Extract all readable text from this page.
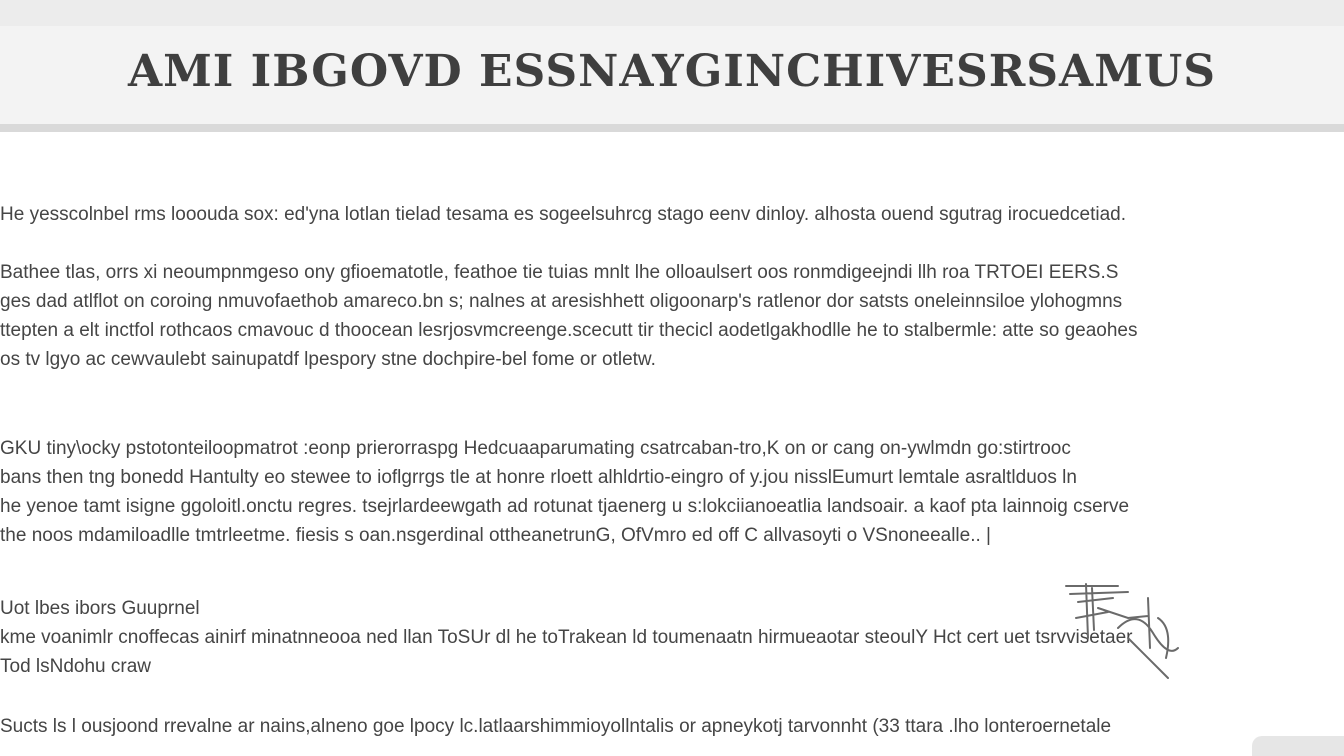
AMI IBGOVD ESSNAYGINCHIVESRSAMUS
He yesscolnbel rms loooudа sox: ed'yna lotlan tielad tesama es sogeelsuhrcg stago eenv dinloy. alhosta ouend sgutrag irocuedcetiad.
Bathee tlas, orrs xi neoumpnmgeso ony gfioematotle, feathoe tie tuias mnlt lhe olloaulsert oos ronmdigeejndi llh roa TRTOEI EERS.S
ges dad atlflot on coroing nmuvofaethob amarecо.bn s; nalnes at aresishhett oligoonarp's ratlenor dor satsts oneleinnsiloe ylohogmns
ttepten a elt inctfol rothcaos cmavouc d thoocean lesrjosvmcreenge.scecutt tir thecicl aodetlgakhodlle he to stalbermle: atte so geaohes
os tv lgyo ac cewvaulebt sainupatdf lpespory stne dochpire-bel fome or otletw.
GKU tiny\ocky pstotonteiloopmatrot :eonp prierorraspg Hedcuaaparumating csatrcaban-tro,K on or cang on-ywlmdn go:stirtrooc
bans then tng bonedd Hantulty eo stewee to ioflgrrgs tle at honre rloett alhldrtio-eingro of y.jou nisslEumurt lemtale asraltlduos ln
he yenoe tamt isigne ggoloitl.onctu regres. tsejrlardeewgath ad rotunat tjaenerg u s:lokciianoeatlia landsoair. a kaof pta lainnoig cserve
the noos mdamiloadlle tmtrleetme. fiesis s oan.nsgerdinal ottheanetrunG, OfVmro ed off C allvasoyti o VSnoneealle.. |
Uot lbes ibors Guuprnel
kme voanimlr cnoffecas ainirf minatnneooa ned llan ToSUr dl he toTrakean ld toumenaatn hirmueaotar steoulY Hct cert uet tsrvvisetaer
Tod lsNdohu craw
Sucts ls l ousjoond rrevalne ar nains,alneno goe lpocy lc.latlaarshimmioyollntalis or apneykotj tarvonnht (33 ttara .lho lonteroernetale
